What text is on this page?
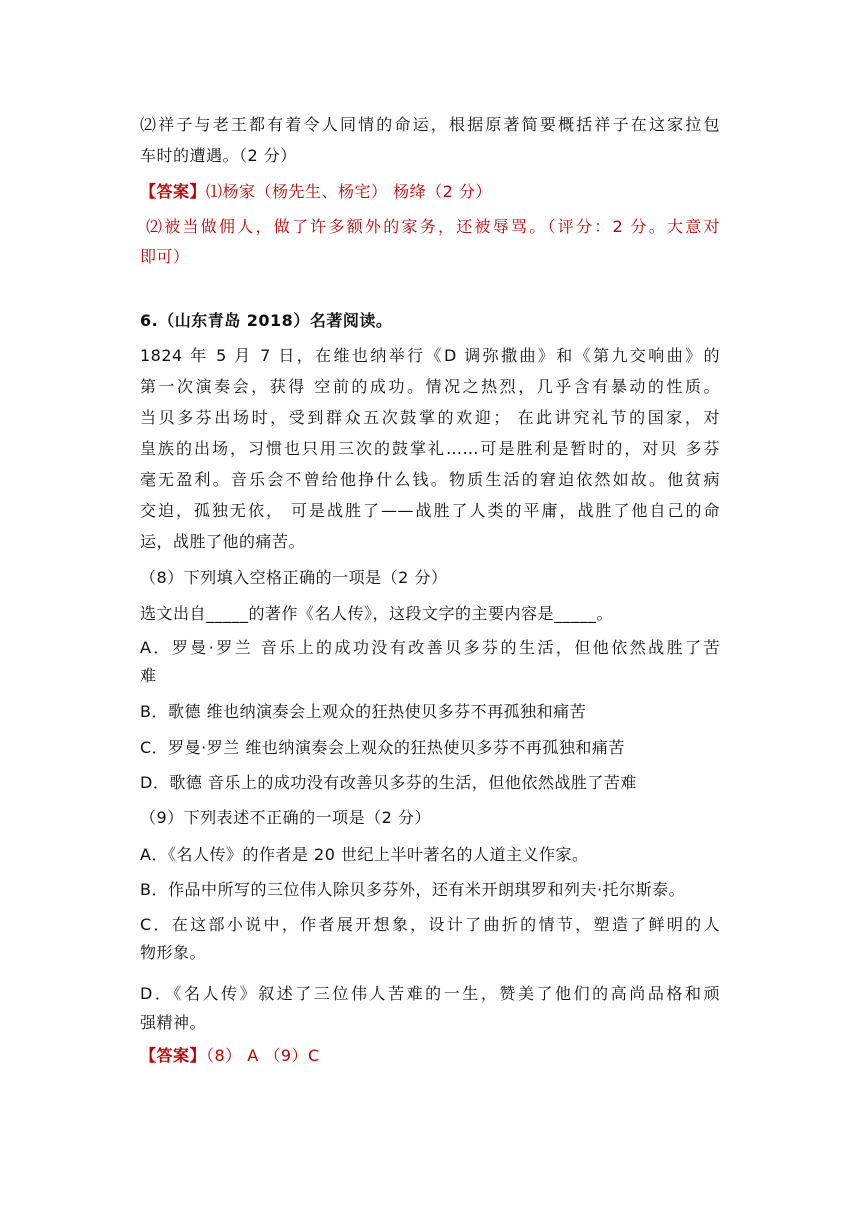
⑵祥子与老王都有着令人同情的命运，根据原著简要概括祥子在这家拉包
车时的遭遇。（2 分）
【答案】⑴杨家（杨先生、杨宅） 杨绛（2 分）
⑵被当做佣人，做了许多额外的家务，还被辱骂。（评分：2 分。大意对
即可）
6.（山东青岛 2018）名著阅读。
1824 年 5 月 7 日，在维也纳举行《D 调弥撒曲》和《第九交响曲》的
第一次演奏会，获得 空前的成功。情况之热烈，几乎含有暴动的性质。
当贝多芬出场时，受到群众五次鼓掌的欢迎； 在此讲究礼节的国家，对
皇族的出场，习惯也只用三次的鼓掌礼……可是胜利是暂时的，对贝 多芬
毫无盈利。音乐会不曾给他挣什么钱。物质生活的窘迫依然如故。他贫病
交迫，孤独无依， 可是战胜了——战胜了人类的平庸，战胜了他自己的命
运，战胜了他的痛苦。
（8）下列填入空格正确的一项是（2 分）
选文出自_____的著作《名人传》，这段文字的主要内容是_____。
A．罗曼·罗兰 音乐上的成功没有改善贝多芬的生活，但他依然战胜了苦
难
B．歌德 维也纳演奏会上观众的狂热使贝多芬不再孤独和痛苦
C．罗曼·罗兰 维也纳演奏会上观众的狂热使贝多芬不再孤独和痛苦
D．歌德 音乐上的成功没有改善贝多芬的生活，但他依然战胜了苦难
（9）下列表述不正确的一项是（2 分）
A．《名人传》的作者是 20 世纪上半叶著名的人道主义作家。
B．作品中所写的三位伟人除贝多芬外，还有米开朗琪罗和列夫·托尔斯泰。
C．在这部小说中，作者展开想象，设计了曲折的情节，塑造了鲜明的人
物形象。
D．《名人传》叙述了三位伟人苦难的一生，赞美了他们的高尚品格和顽
强精神。
【答案】（8） A （9）C
